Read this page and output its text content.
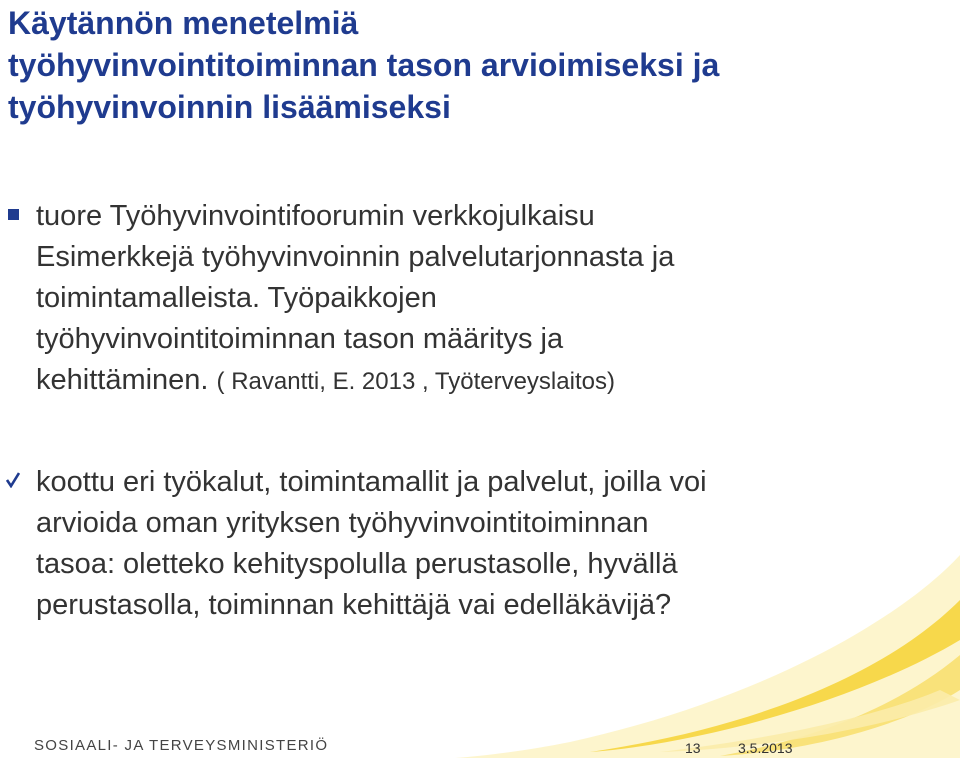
Käytännön menetelmiä
työhyvinvointitoiminnan tason arvioimiseksi ja
työhyvinvoinnin lisäämiseksi
tuore Työhyvinvointifoorumin verkkojulkaisu
Esimerkkejä työhyvinvoinnin palvelutarjonnasta ja
toimintamalleista. Työpaikkojen
työhyvinvointitoiminnan tason määritys ja
kehittäminen. ( Ravantti, E. 2013 , Työterveyslaitos)
koottu eri työkalut, toimintamallit ja palvelut, joilla voi
arvioida oman yrityksen työhyvinvointitoiminnan
tasoa: oletteko kehityspolulla perustasolle, hyvällä
perustasolla, toiminnan kehittäjä vai edelläkävijä?
SOSIAALI- JA TERVEYSMINISTERIÖ	13	3.5.2013
